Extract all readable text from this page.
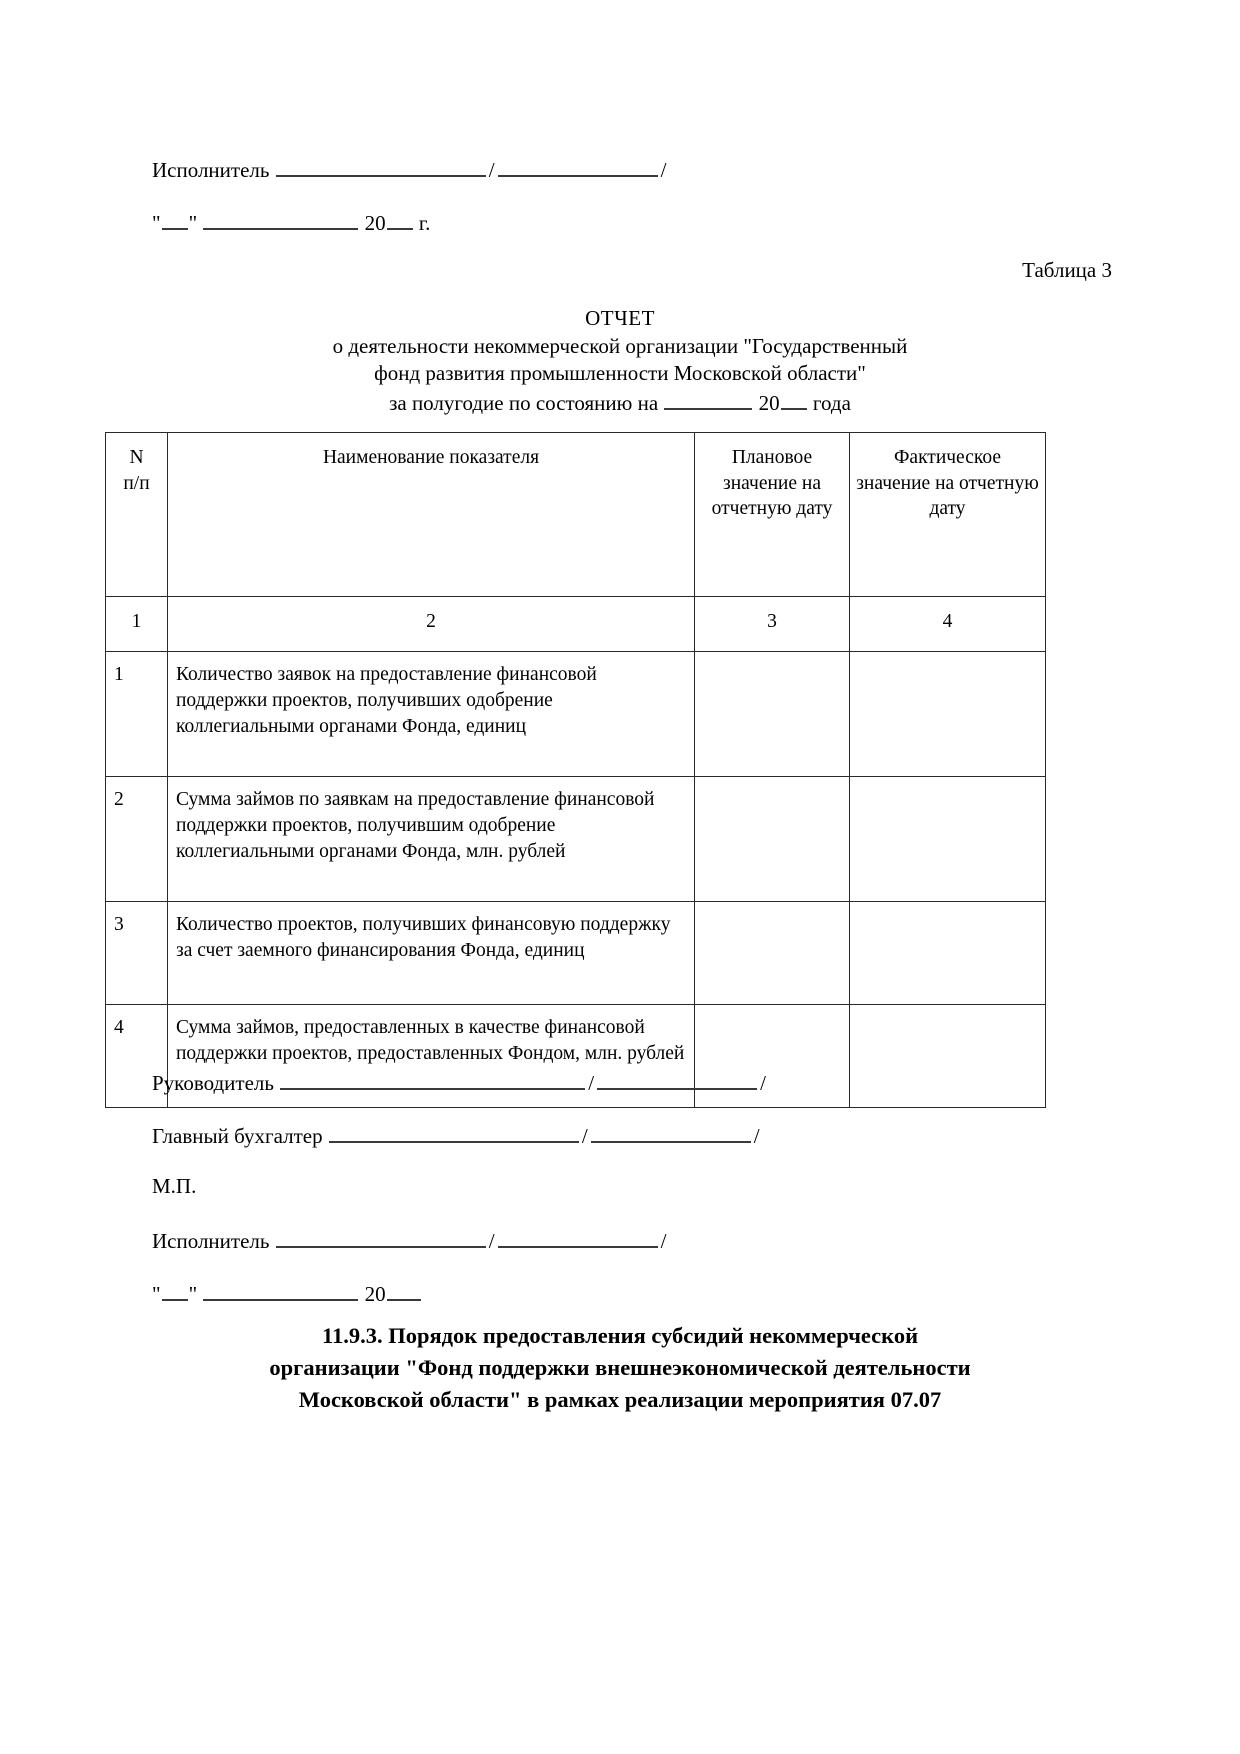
Исполнитель	/	/
" "	20 г.
Таблица 3
ОТЧЕТ
о деятельности некоммерческой организации "Государственный
фонд развития промышленности Московской области"
за полугодие по состоянию на	20 года
N
п/п	Наименование показателя	Плановое значение на отчетную дату	Фактическое значение на отчетную дату
1	2	3	4
1	Количество заявок на предоставление финансовой поддержки проектов, получивших одобрение коллегиальными органами Фонда, единиц		
2	Сумма займов по заявкам на предоставление финансовой поддержки проектов, получившим одобрение коллегиальными органами Фонда, млн. рублей		
3	Количество проектов, получивших финансовую поддержку за счет заемного финансирования Фонда, единиц		
4	Сумма займов, предоставленных в качестве финансовой поддержки проектов, предоставленных Фондом, млн. рублей		
Руководитель	/	/
Главный бухгалтер	/	/
М.П.
Исполнитель	/	/
" "	20
11.9.3. Порядок предоставления субсидий некоммерческой
организации "Фонд поддержки внешнеэкономической деятельности
Московской области" в рамках реализации мероприятия 07.07
